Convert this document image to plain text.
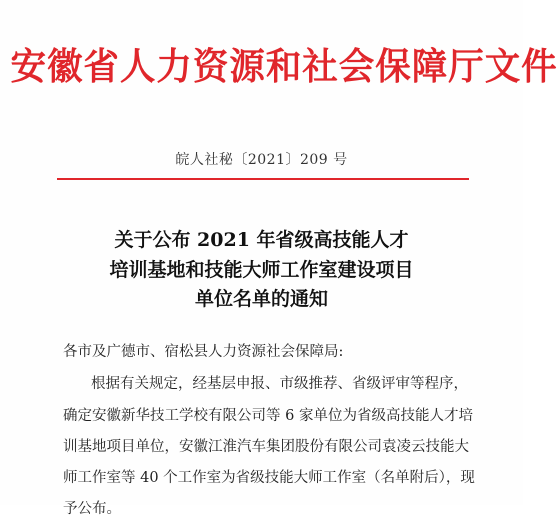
安徽省人力资源和社会保障厅文件
皖人社秘〔2021〕209 号
关于公布 2021 年省级高技能人才
培训基地和技能大师工作室建设项目
单位名单的通知
各市及广德市、宿松县人力资源社会保障局:
根据有关规定，经基层申报、市级推荐、省级评审等程序，
确定安徽新华技工学校有限公司等 6 家单位为省级高技能人才培
训基地项目单位，安徽江淮汽车集团股份有限公司袁凌云技能大
师工作室等 40 个工作室为省级技能大师工作室（名单附后），现
予公布。
